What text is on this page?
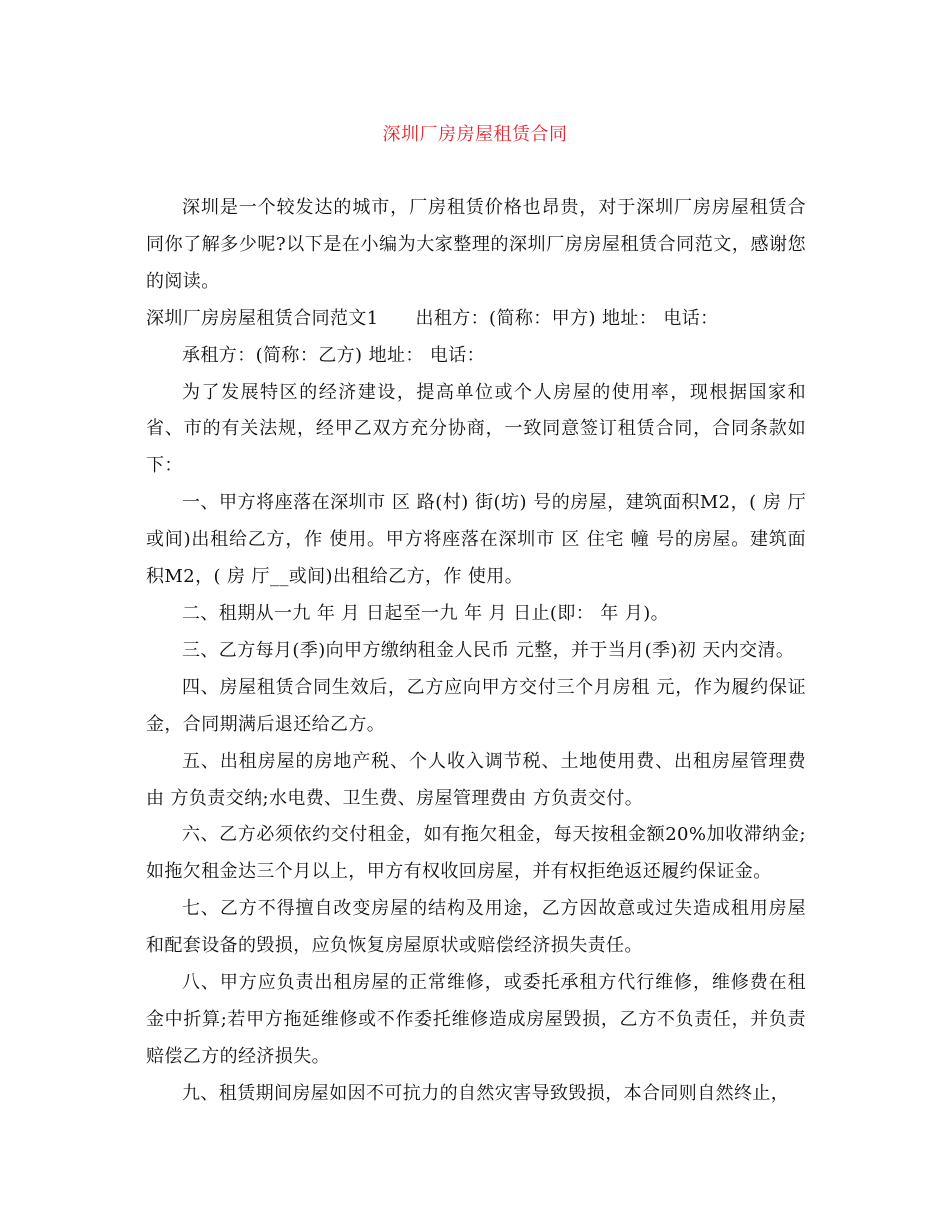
深圳厂房房屋租赁合同

深圳是一个较发达的城市，厂房租赁价格也昂贵，对于深圳厂房房屋租赁合同你了解多少呢?以下是在小编为大家整理的深圳厂房房屋租赁合同范文，感谢您的阅读。

深圳厂房房屋租赁合同范文1　　出租方：(简称：甲方) 地址： 电话：

承租方：(简称：乙方) 地址： 电话：

为了发展特区的经济建设，提高单位或个人房屋的使用率，现根据国家和省、市的有关法规，经甲乙双方充分协商，一致同意签订租赁合同，合同条款如下：

一、甲方将座落在深圳市 区 路(村) 街(坊) 号的房屋，建筑面积M2，( 房 厅或间)出租给乙方，作 使用。甲方将座落在深圳市 区 住宅 幢 号的房屋。建筑面积M2，( 房 厅__或间)出租给乙方，作 使用。

二、租期从一九 年 月 日起至一九 年 月 日止(即： 年 月)。

三、乙方每月(季)向甲方缴纳租金人民币 元整，并于当月(季)初 天内交清。

四、房屋租赁合同生效后，乙方应向甲方交付三个月房租 元，作为履约保证金，合同期满后退还给乙方。

五、出租房屋的房地产税、个人收入调节税、土地使用费、出租房屋管理费由 方负责交纳;水电费、卫生费、房屋管理费由 方负责交付。

六、乙方必须依约交付租金，如有拖欠租金，每天按租金额20%加收滞纳金;如拖欠租金达三个月以上，甲方有权收回房屋，并有权拒绝返还履约保证金。

七、乙方不得擅自改变房屋的结构及用途，乙方因故意或过失造成租用房屋和配套设备的毁损，应负恢复房屋原状或赔偿经济损失责任。

八、甲方应负责出租房屋的正常维修，或委托承租方代行维修，维修费在租金中折算;若甲方拖延维修或不作委托维修造成房屋毁损，乙方不负责任，并负责赔偿乙方的经济损失。

九、租赁期间房屋如因不可抗力的自然灾害导致毁损，本合同则自然终止，
